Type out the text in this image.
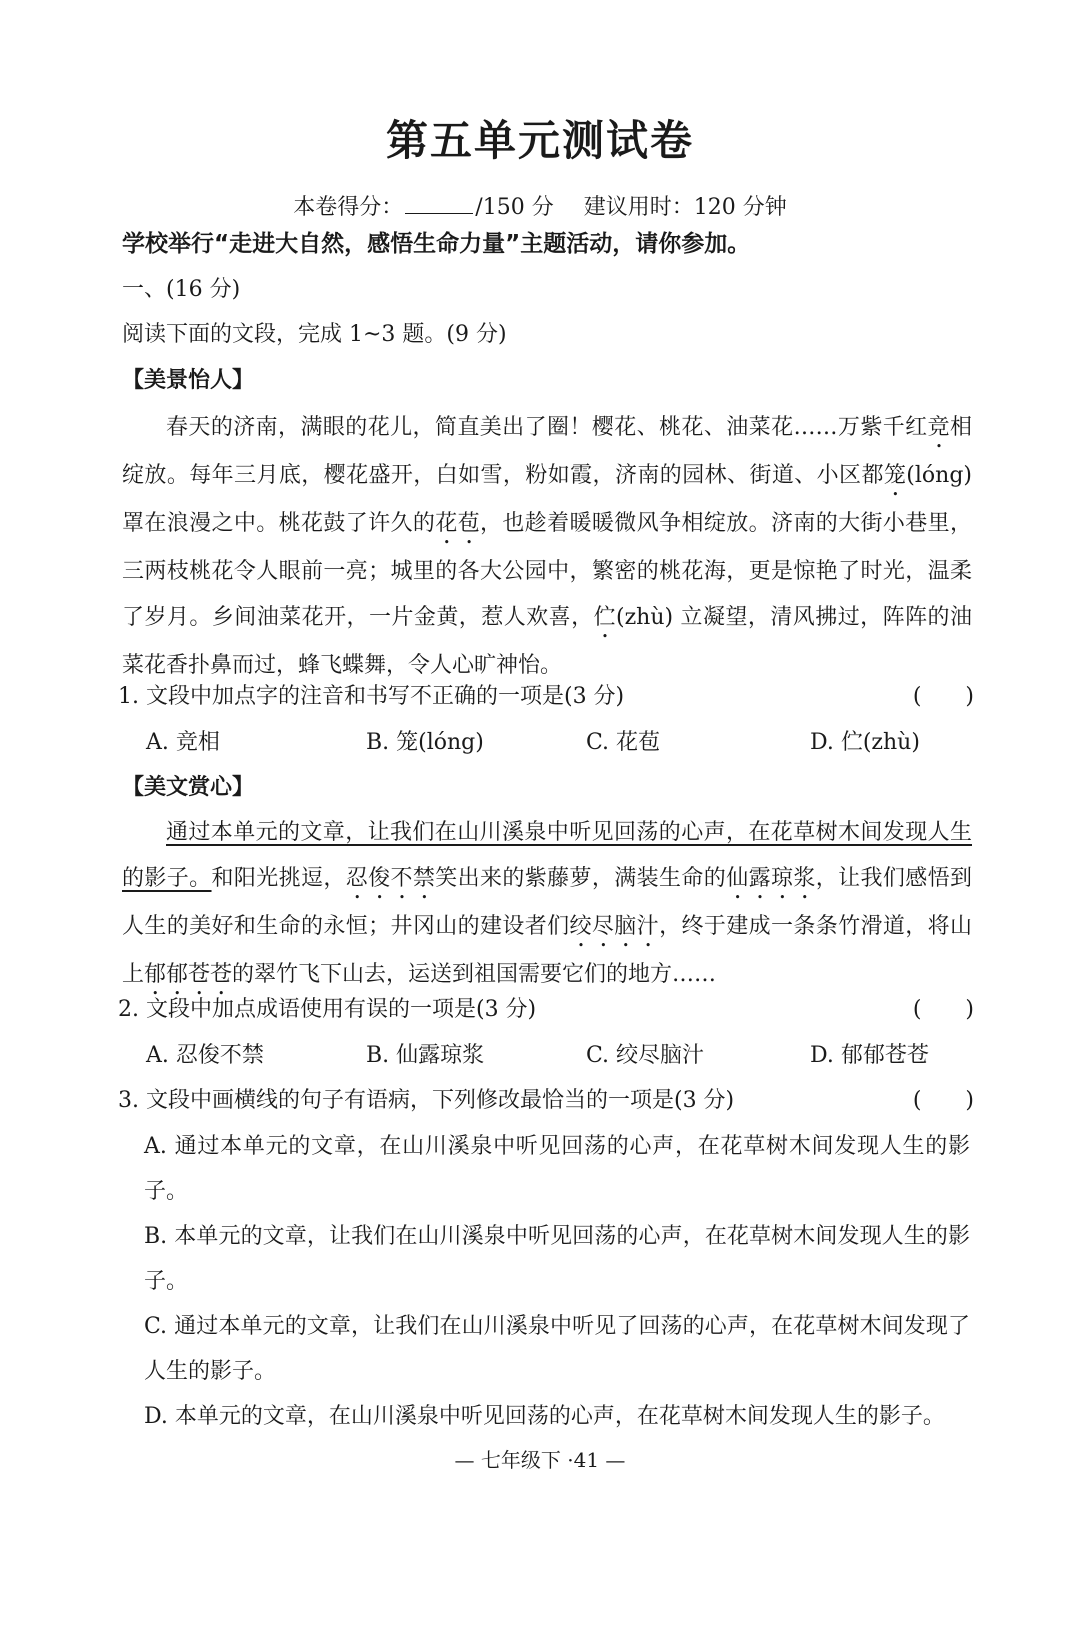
第五单元测试卷
本卷得分：	/150 分 建议用时：120 分钟
学校举行“走进大自然，感悟生命力量”主题活动，请你参加。
一、(16 分)
阅读下面的文段，完成 1~3 题。(9 分)
【美景怡人】
春天的济南，满眼的花儿，简直美出了圈！樱花、桃花、油菜花……万紫千红竞相绽放。每年三月底，樱花盛开，白如雪，粉如霞，济南的园林、街道、小区都笼(lóng) 罩在浪漫之中。桃花鼓了许久的花苞，也趁着暖暖微风争相绽放。济南的大街小巷里，三两枝桃花令人眼前一亮；城里的各大公园中，繁密的桃花海，更是惊艳了时光，温柔了岁月。乡间油菜花开，一片金黄，惹人欢喜，伫(zhù) 立凝望，清风拂过，阵阵的油菜花香扑鼻而过，蜂飞蝶舞，令人心旷神怡。
1. 文段中加点字的注音和书写不正确的一项是(3 分)	(　　)
A. 竞相	B. 笼(lóng)	C. 花苞	D. 伫(zhù)
【美文赏心】
通过本单元的文章，让我们在山川溪泉中听见回荡的心声，在花草树木间发现人生的影子。和阳光挑逗，忍俊不禁笑出来的紫藤萝，满装生命的仙露琼浆，让我们感悟到人生的美好和生命的永恒；井冈山的建设者们绞尽脑汁，终于建成一条条竹滑道，将山上郁郁苍苍的翠竹飞下山去，运送到祖国需要它们的地方……
2. 文段中加点成语使用有误的一项是(3 分)	(　　)
A. 忍俊不禁	B. 仙露琼浆	C. 绞尽脑汁	D. 郁郁苍苍
3. 文段中画横线的句子有语病，下列修改最恰当的一项是(3 分)	(　　)
A. 通过本单元的文章，在山川溪泉中听见回荡的心声，在花草树木间发现人生的影子。
B. 本单元的文章，让我们在山川溪泉中听见回荡的心声，在花草树木间发现人生的影子。
C. 通过本单元的文章，让我们在山川溪泉中听见了回荡的心声，在花草树木间发现了人生的影子。
D. 本单元的文章，在山川溪泉中听见回荡的心声，在花草树木间发现人生的影子。
— 七年级下 ·41 —
